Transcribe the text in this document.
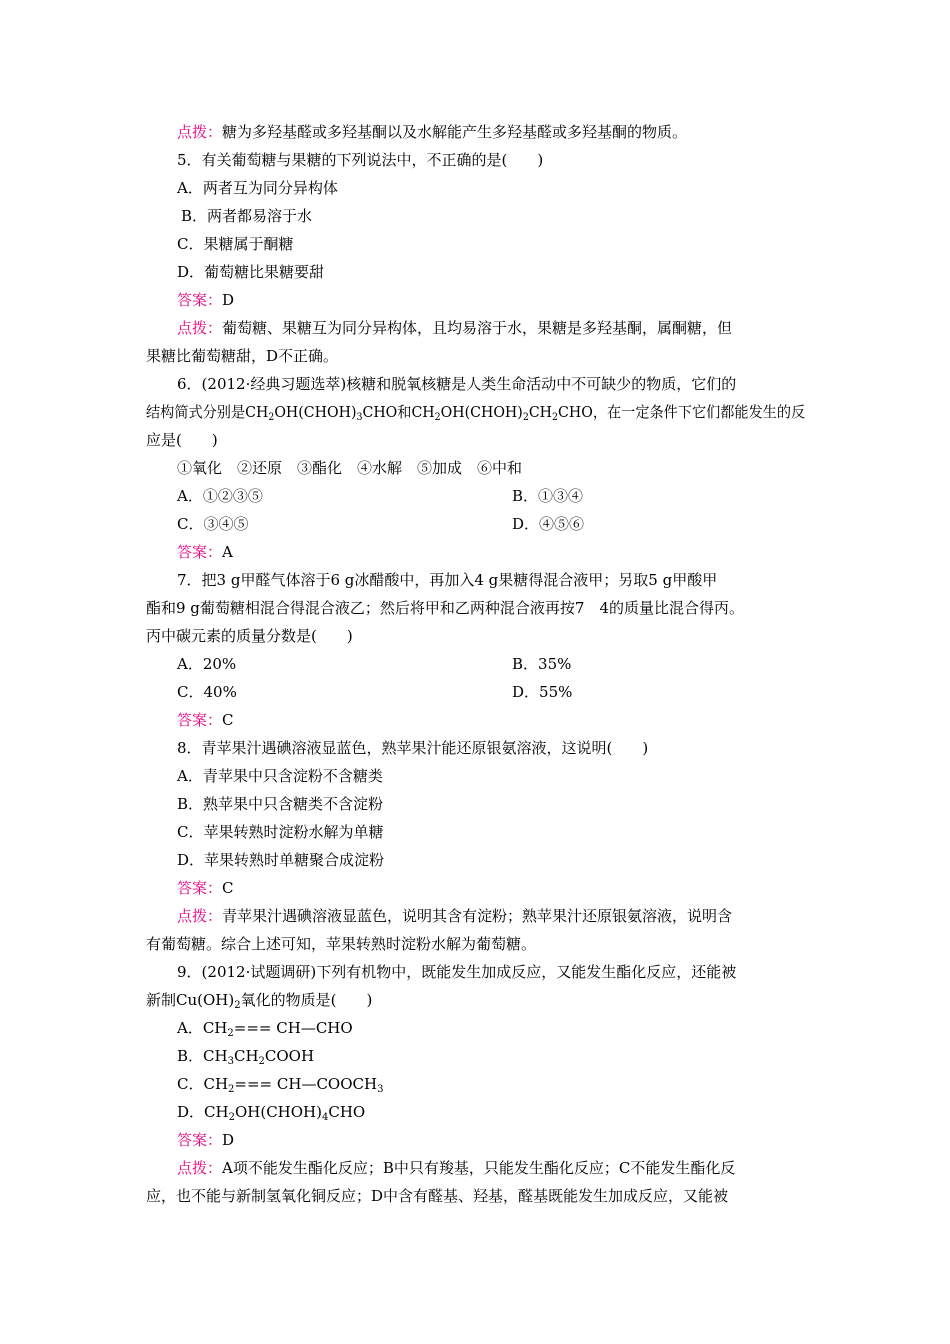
点拨：糖为多羟基醛或多羟基酮以及水解能产生多羟基醛或多羟基酮的物质。
5．有关葡萄糖与果糖的下列说法中，不正确的是(　　)
A．两者互为同分异构体
B．两者都易溶于水
C．果糖属于酮糖
D．葡萄糖比果糖要甜
答案：D
点拨：葡萄糖、果糖互为同分异构体，且均易溶于水，果糖是多羟基酮，属酮糖，但
果糖比葡萄糖甜，D不正确。
6．(2012·经典习题选萃)核糖和脱氧核糖是人类生命活动中不可缺少的物质，它们的
结构简式分别是$CH_2OH(CHOH)_3CHO$和$CH_2OH(CHOH)_2CH_2CHO$，在一定条件下它们都能发生的反
应是(　　)
①氧化　②还原　③酯化　④水解　⑤加成　⑥中和
A．①②③⑤	B．①③④
C．③④⑤	D．④⑤⑥
答案：A
7．把3 g甲醛气体溶于6 g冰醋酸中，再加入4 g果糖得混合液甲；另取5 g甲酸甲
酯和9 g葡萄糖相混合得混合液乙；然后将甲和乙两种混合液再按7　4的质量比混合得丙。
丙中碳元素的质量分数是(　　)
A．20%	B．35%
C．40%	D．55%
答案：C
8．青苹果汁遇碘溶液显蓝色，熟苹果汁能还原银氨溶液，这说明(　　)
A．青苹果中只含淀粉不含糖类
B．熟苹果中只含糖类不含淀粉
C．苹果转熟时淀粉水解为单糖
D．苹果转熟时单糖聚合成淀粉
答案：C
点拨：青苹果汁遇碘溶液显蓝色，说明其含有淀粉；熟苹果汁还原银氨溶液，说明含
有葡萄糖。综合上述可知，苹果转熟时淀粉水解为葡萄糖。
9．(2012·试题调研)下列有机物中，既能发生加成反应，又能发生酯化反应，还能被
新制$Cu(OH)_2$氧化的物质是(　　)
A．$CH_2===$ CH—CHO
B．$CH_3CH_2COOH$
C．$CH_2===$ $CH—COOCH_3$
D．$CH_2OH(CHOH)_4CHO$
答案：D
点拨：A项不能发生酯化反应；B中只有羧基，只能发生酯化反应；C不能发生酯化反
应，也不能与新制氢氧化铜反应；D中含有醛基、羟基，醛基既能发生加成反应，又能被
